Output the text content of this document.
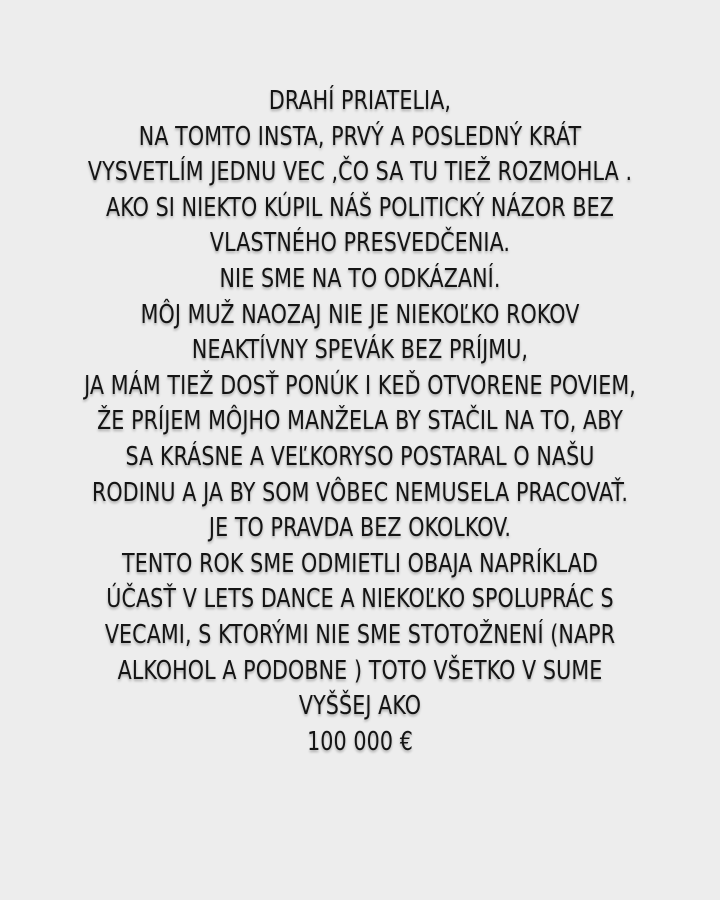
DRAHÍ PRIATELIA,
NA TOMTO INSTA, PRVÝ A POSLEDNÝ KRÁT
VYSVETLÍM JEDNU VEC ,ČO SA TU TIEŽ ROZMOHLA .
AKO SI NIEKTO KÚPIL NÁŠ POLITICKÝ NÁZOR BEZ
VLASTNÉHO PRESVEDČENIA.
NIE SME NA TO ODKÁZANÍ.
MÔJ MUŽ NAOZAJ NIE JE NIEKOĽKO ROKOV
NEAKTÍVNY SPEVÁK BEZ PRÍJMU,
JA MÁM TIEŽ DOSŤ PONÚK I KEĎ OTVORENE POVIEM,
ŽE PRÍJEM MÔJHO MANŽELA BY STAČIL NA TO, ABY
SA KRÁSNE A VEĽKORYSO POSTARAL O NAŠU
RODINU A JA BY SOM VÔBEC NEMUSELA PRACOVAŤ.
JE TO PRAVDA BEZ OKOLKOV.
TENTO ROK SME ODMIETLI OBAJA NAPRÍKLAD
ÚČASŤ V LETS DANCE A NIEKOĽKO SPOLUPRÁC S
VECAMI, S KTORÝMI NIE SME STOTOŽNENÍ (NAPR
ALKOHOL A PODOBNE ) TOTO VŠETKO V SUME
VYŠŠEJ AKO
100 000 €
